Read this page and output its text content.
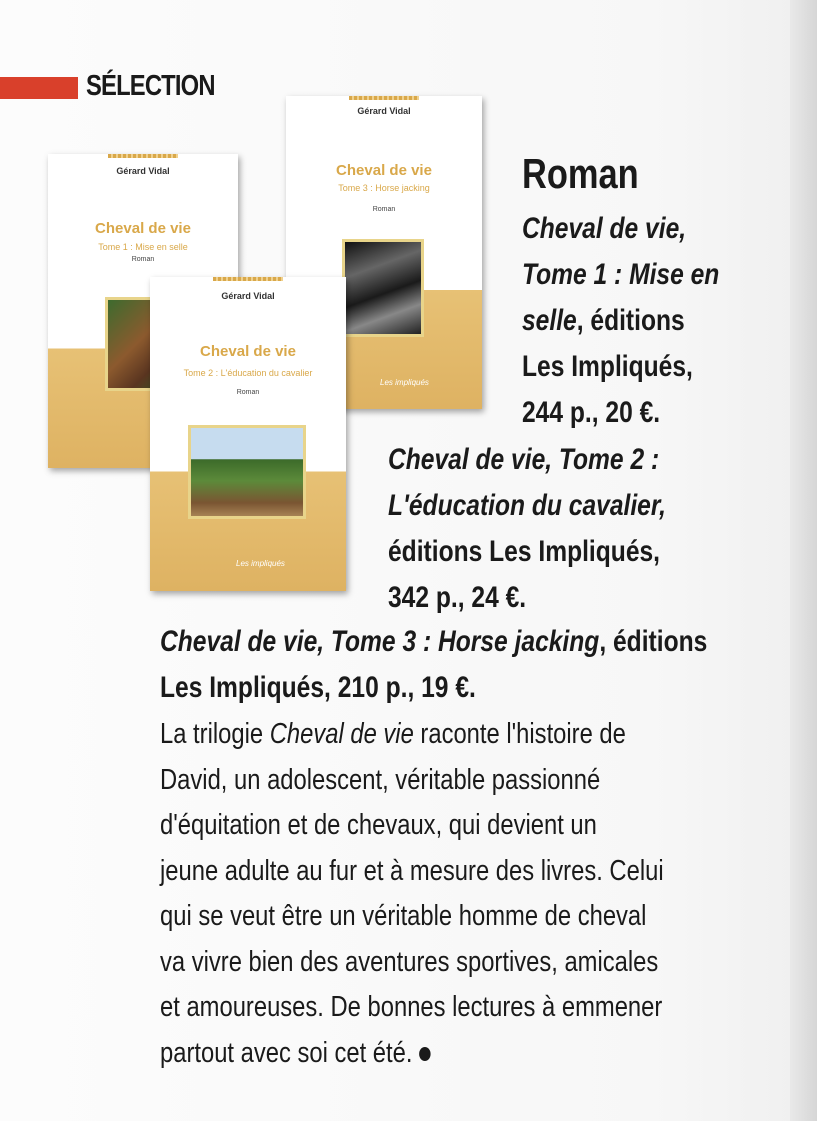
SÉLECTION
Gérard Vidal
Cheval de vie
Tome 1 : Mise en selle
Roman
Gérard Vidal
Cheval de vie
Tome 3 : Horse jacking
Roman
Les impliqués
Gérard Vidal
Cheval de vie
Tome 2 : L'éducation du cavalier
Roman
Les impliqués
Roman
Cheval de vie,
Tome 1 : Mise en
selle, éditions
Les Impliqués,
244 p., 20 €.
Cheval de vie, Tome 2 :
L'éducation du cavalier,
éditions Les Impliqués,
342 p., 24 €.
Cheval de vie, Tome 3 : Horse jacking, éditions
Les Impliqués, 210 p., 19 €.
La trilogie Cheval de vie raconte l'histoire de
David, un adolescent, véritable passionné
d'équitation et de chevaux, qui devient un
jeune adulte au fur et à mesure des livres. Celui
qui se veut être un véritable homme de cheval
va vivre bien des aventures sportives, amicales
et amoureuses. De bonnes lectures à emmener
partout avec soi cet été.
